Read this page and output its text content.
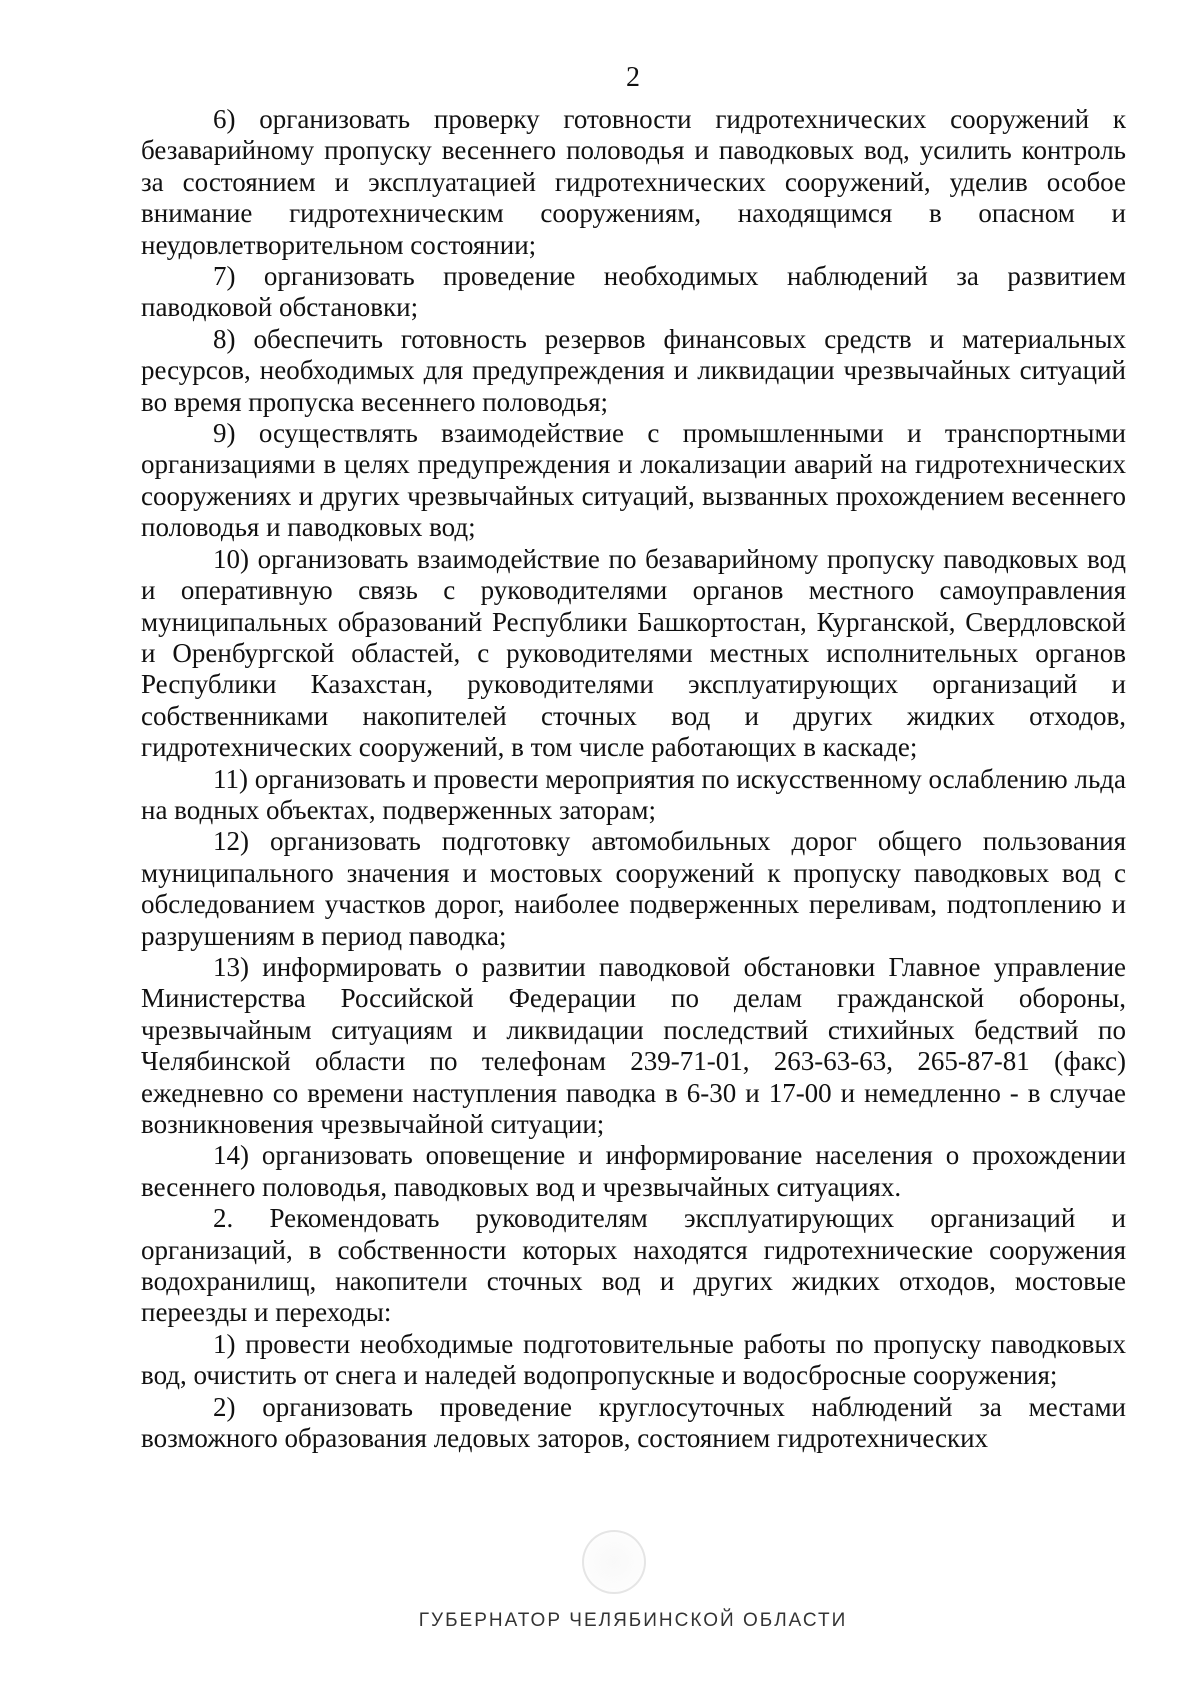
2

6) организовать проверку готовности гидротехнических сооружений к безаварийному пропуску весеннего половодья и паводковых вод, усилить контроль за состоянием и эксплуатацией гидротехнических сооружений, уделив особое внимание гидротехническим сооружениям, находящимся в опасном и неудовлетворительном состоянии;

7) организовать проведение необходимых наблюдений за развитием паводковой обстановки;

8) обеспечить готовность резервов финансовых средств и материальных ресурсов, необходимых для предупреждения и ликвидации чрезвычайных ситуаций во время пропуска весеннего половодья;

9) осуществлять взаимодействие с промышленными и транспортными организациями в целях предупреждения и локализации аварий на гидротехнических сооружениях и других чрезвычайных ситуаций, вызванных прохождением весеннего половодья и паводковых вод;

10) организовать взаимодействие по безаварийному пропуску паводковых вод и оперативную связь с руководителями органов местного самоуправления муниципальных образований Республики Башкортостан, Курганской, Свердловской и Оренбургской областей, с руководителями местных исполнительных органов Республики Казахстан, руководителями эксплуатирующих организаций и собственниками накопителей сточных вод и других жидких отходов, гидротехнических сооружений, в том числе работающих в каскаде;

11) организовать и провести мероприятия по искусственному ослаблению льда на водных объектах, подверженных заторам;

12) организовать подготовку автомобильных дорог общего пользования муниципального значения и мостовых сооружений к пропуску паводковых вод с обследованием участков дорог, наиболее подверженных переливам, подтоплению и разрушениям в период паводка;

13) информировать о развитии паводковой обстановки Главное управление Министерства Российской Федерации по делам гражданской обороны, чрезвычайным ситуациям и ликвидации последствий стихийных бедствий по Челябинской области по телефонам 239-71-01, 263-63-63, 265-87-81 (факс) ежедневно со времени наступления паводка в 6-30 и 17-00 и немедленно - в случае возникновения чрезвычайной ситуации;

14) организовать оповещение и информирование населения о прохождении весеннего половодья, паводковых вод и чрезвычайных ситуациях.

2. Рекомендовать руководителям эксплуатирующих организаций и организаций, в собственности которых находятся гидротехнические сооружения водохранилищ, накопители сточных вод и других жидких отходов, мостовые переезды и переходы:

1) провести необходимые подготовительные работы по пропуску паводковых вод, очистить от снега и наледей водопропускные и водосбросные сооружения;

2) организовать проведение круглосуточных наблюдений за местами возможного образования ледовых заторов, состоянием гидротехнических

ГУБЕРНАТОР ЧЕЛЯБИНСКОЙ ОБЛАСТИ
